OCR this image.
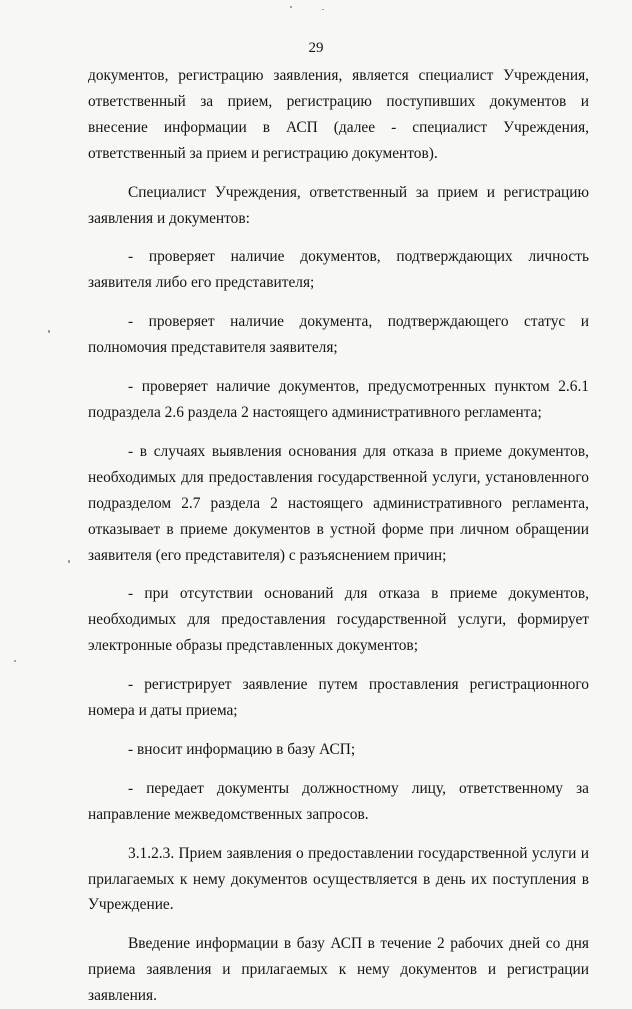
29

документов, регистрацию заявления, является специалист Учреждения, ответственный за прием, регистрацию поступивших документов и внесение информации в АСП (далее - специалист Учреждения, ответственный за прием и регистрацию документов).

Специалист Учреждения, ответственный за прием и регистрацию заявления и документов:

- проверяет наличие документов, подтверждающих личность заявителя либо его представителя;

- проверяет наличие документа, подтверждающего статус и полномочия представителя заявителя;

- проверяет наличие документов, предусмотренных пунктом 2.6.1 подраздела 2.6 раздела 2 настоящего административного регламента;

- в случаях выявления основания для отказа в приеме документов, необходимых для предоставления государственной услуги, установленного подразделом 2.7 раздела 2 настоящего административного регламента, отказывает в приеме документов в устной форме при личном обращении заявителя (его представителя) с разъяснением причин;

- при отсутствии оснований для отказа в приеме документов, необходимых для предоставления государственной услуги, формирует электронные образы представленных документов;

- регистрирует заявление путем проставления регистрационного номера и даты приема;

- вносит информацию в базу АСП;

- передает документы должностному лицу, ответственному за направление межведомственных запросов.

3.1.2.3. Прием заявления о предоставлении государственной услуги и прилагаемых к нему документов осуществляется в день их поступления в Учреждение.

Введение информации в базу АСП в течение 2 рабочих дней со дня приема заявления и прилагаемых к нему документов и регистрации заявления.
